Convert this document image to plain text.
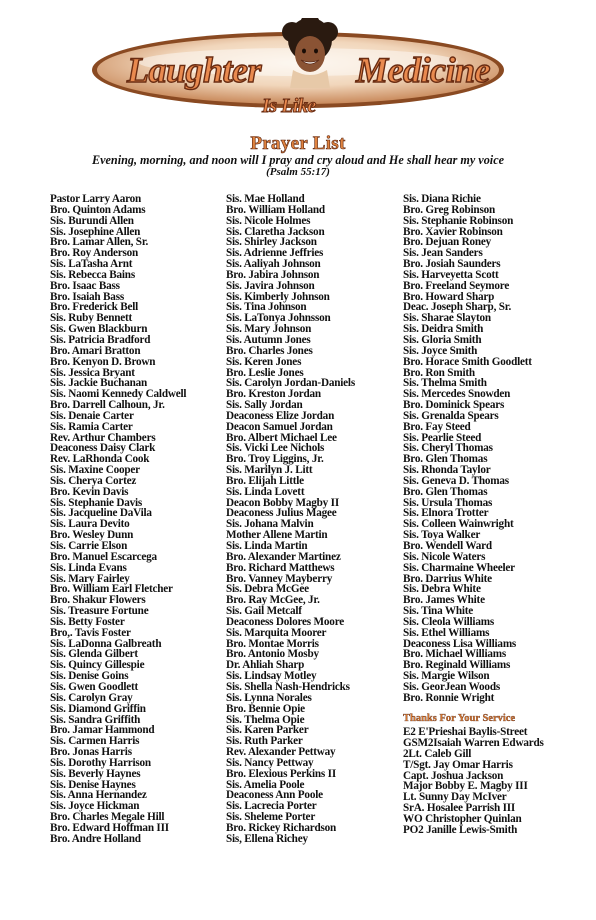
Laughter	Medicine
Is Like
Prayer List
Evening, morning, and noon will I pray and cry aloud and He shall hear my voice
(Psalm 55:17)
Pastor Larry Aaron
Bro. Quinton Adams
Sis. Burundi Allen
Sis. Josephine Allen
Bro. Lamar Allen, Sr.
Bro. Roy Anderson
Sis. LaTasha Arnt
Sis. Rebecca Bains
Bro. Isaac Bass
Bro. Isaiah Bass
Bro. Frederick Bell
Sis. Ruby Bennett
Sis. Gwen Blackburn
Sis. Patricia Bradford
Bro. Amari Bratton
Bro. Kenyon D. Brown
Sis. Jessica Bryant
Sis. Jackie Buchanan
Sis. Naomi Kennedy Caldwell
Bro. Darrell Calhoun, Jr.
Sis. Denaie Carter
Sis. Ramia Carter
Rev. Arthur Chambers
Deaconess Daisy Clark
Rev. LaRhonda Cook
Sis. Maxine Cooper
Sis. Cherya Cortez
Bro. Kevin Davis
Sis. Stephanie Davis
Sis. Jacqueline DaVila
Sis. Laura Devito
Bro. Wesley Dunn
Sis. Carrie Elson
Bro. Manuel Escarcega
Sis. Linda Evans
Sis. Mary Fairley
Bro. William Earl Fletcher
Bro. Shakur Flowers
Sis. Treasure Fortune
Sis. Betty Foster
Bro,. Tavis Foster
Sis. LaDonna Galbreath
Sis. Glenda Gilbert
Sis. Quincy Gillespie
Sis. Denise Goins
Sis. Gwen Goodlett
Sis. Carolyn Gray
Sis. Diamond Griffin
Sis. Sandra Griffith
Bro. Jamar Hammond
Sis. Carmen Harris
Bro. Jonas Harris
Sis. Dorothy Harrison
Sis. Beverly Haynes
Sis. Denise Haynes
Sis. Anna Hernandez
Sis. Joyce Hickman
Bro. Charles Megale Hill
Bro. Edward Hoffman III
Bro. Andre Holland
Sis. Mae Holland
Bro. William Holland
Sis. Nicole Holmes
Sis. Claretha Jackson
Sis. Shirley Jackson
Sis. Adrienne Jeffries
Sis. Aaliyah Johnson
Bro. Jabira Johnson
Sis. Javira Johnson
Sis. Kimberly Johnson
Sis. Tina Johnson
Sis. LaTonya Johnsson
Sis. Mary Johnson
Sis. Autumn Jones
Bro. Charles Jones
Sis. Keren Jones
Bro. Leslie Jones
Sis. Carolyn Jordan-Daniels
Bro. Kreston Jordan
Sis. Sally Jordan
Deaconess Elize Jordan
Deacon Samuel Jordan
Bro. Albert Michael Lee
Sis. Vicki Lee Nichols
Bro. Troy Liggins, Jr.
Sis. Marilyn J. Litt
Bro. Elijah Little
Sis. Linda Lovett
Deacon Bobby Magby II
Deaconess Julius Magee
Sis. Johana Malvin
Mother Allene Martin
Sis. Linda Martin
Bro. Alexander Martinez
Bro. Richard Matthews
Bro. Vanney Mayberry
Sis. Debra McGee
Bro. Ray McGee, Jr.
Sis. Gail Metcalf
Deaconess Dolores Moore
Sis. Marquita Moorer
Bro. Montae Morris
Bro. Antonio Mosby
Dr. Ahliah Sharp
Sis. Lindsay Motley
Sis. Shella Nash-Hendricks
Sis. Lynna Norales
Bro. Bennie Opie
Sis. Thelma Opie
Sis. Karen Parker
Sis. Ruth Parker
Rev. Alexander Pettway
Sis. Nancy Pettway
Bro. Elexious Perkins II
Sis. Amelia Poole
Deaconess Ann Poole
Sis. Lacrecia Porter
Sis. Sheleme Porter
Bro. Rickey Richardson
Sis, Ellena Richey
Sis. Diana Richie
Bro. Greg Robinson
Sis. Stephanie Robinson
Bro. Xavier Robinson
Bro. Dejuan Roney
Sis. Jean Sanders
Bro. Josiah Saunders
Sis. Harveyetta Scott
Bro. Freeland Seymore
Bro. Howard Sharp
Deac. Joseph Sharp, Sr.
Sis. Sharae Slayton
Sis. Deidra Smith
Sis. Gloria Smith
Sis. Joyce Smith
Bro. Horace Smith Goodlett
Bro. Ron Smith
Sis. Thelma Smith
Sis. Mercedes Snowden
Bro. Dominick Spears
Sis. Grenalda Spears
Bro. Fay Steed
Sis. Pearlie Steed
Sis. Cheryl Thomas
Bro. Glen Thomas
Sis. Rhonda Taylor
Sis. Geneva D. Thomas
Bro. Glen Thomas
Sis. Ursula Thomas
Sis. Elnora Trotter
Sis. Colleen Wainwright
Sis. Toya Walker
Bro. Wendell Ward
Sis. Nicole Waters
Sis. Charmaine Wheeler
Bro. Darrius White
Sis. Debra White
Bro. James White
Sis. Tina White
Sis. Cleola Williams
Sis. Ethel Williams
Deaconess Lisa Williams
Bro. Michael Williams
Bro. Reginald Williams
Sis. Margie Wilson
Sis. GeorJean Woods
Bro. Ronnie Wright
Thanks For Your Service
E2 E'Prieshai Baylis-Street
GSM2Isaiah Warren Edwards
2Lt. Caleb Gill
T/Sgt. Jay Omar Harris
Capt. Joshua Jackson
Major Bobby E. Magby III
Lt. Sunny Day McIver
SrA. Hosalee Parrish III
WO Christopher Quinlan
PO2 Janille Lewis-Smith
